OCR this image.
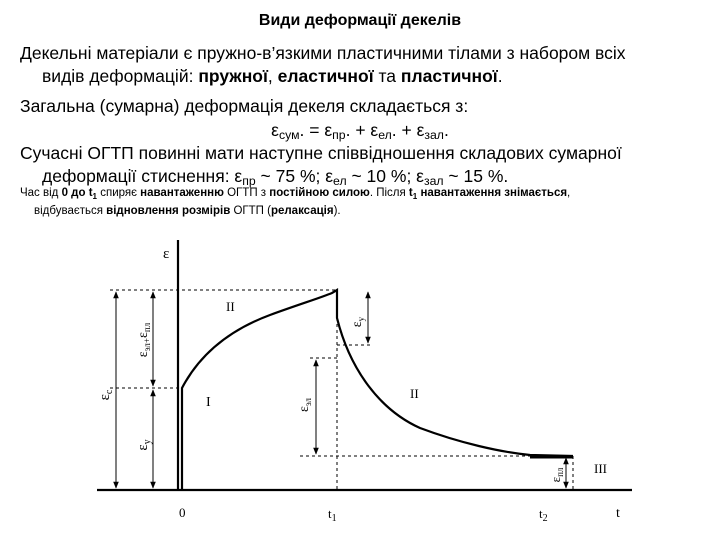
Види деформації декелів
Декельні матеріали є пружно-в’язкими пластичними тілами з набором всіх
видів деформацій: пружної, еластичної та пластичної.
Загальна (сумарна) деформація декеля складається з:
$\varepsilon_{сум}$. = $\varepsilon_{пр}$. + $\varepsilon_{ел}$. + $\varepsilon_{зал}$.
Сучасні ОГТП повинні мати наступне співвідношення складових сумарної
деформації стиснення: $\varepsilon_{пр}$ ~ 75 %; $\varepsilon_{ел}$ ~ 10 %; $\varepsilon_{зал}$ ~ 15 %.
Час від 0 до $t_1$ спиряє навантаженню ОГТП з постійною силою. Після $t_1$ навантаження знімається,
відбувається відновлення розмірів ОГТП (релаксація).
ε
t
0	$t_1$	$t_2$
I
II
II
III
$\varepsilon_c$
$\varepsilon_y$
$\varepsilon_{эл+}\varepsilon_{пл}$	$\varepsilon_y$
$\varepsilon_{эл}$
$\varepsilon_{пл}$
